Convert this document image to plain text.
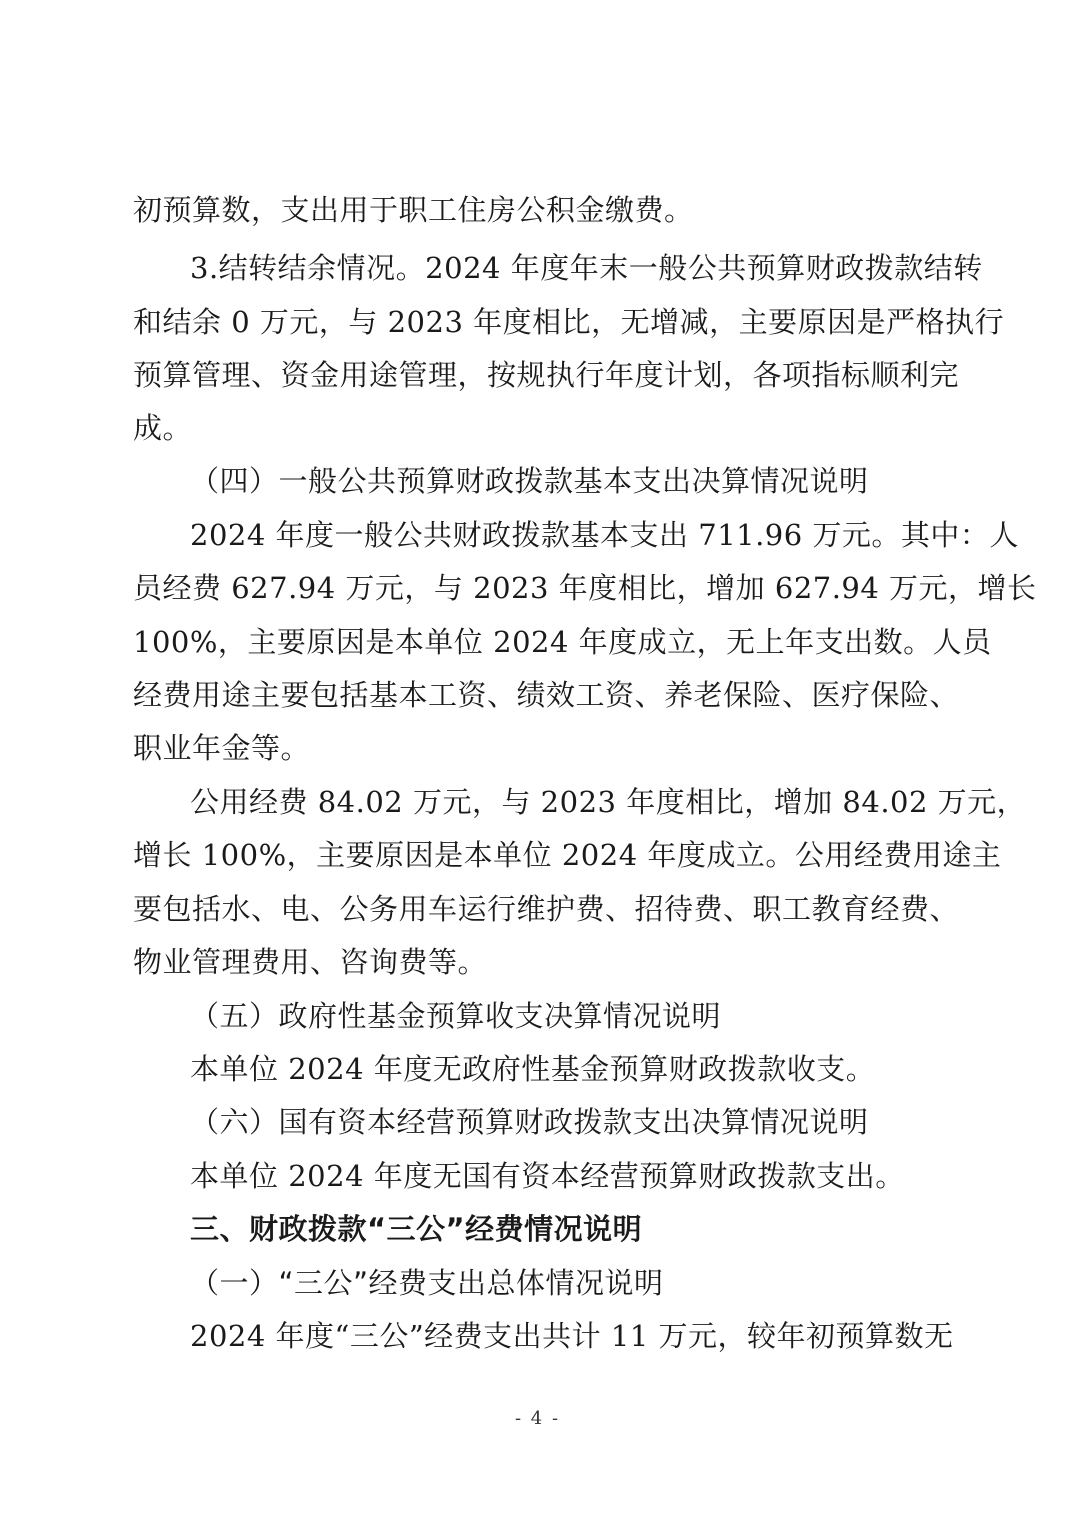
初预算数，支出用于职工住房公积金缴费。
3.结转结余情况。2024 年度年末一般公共预算财政拨款结转
和结余 0 万元，与 2023 年度相比，无增减，主要原因是严格执行
预算管理、资金用途管理，按规执行年度计划，各项指标顺利完
成。
（四）一般公共预算财政拨款基本支出决算情况说明
2024 年度一般公共财政拨款基本支出 711.96 万元。其中：人
员经费 627.94 万元，与 2023 年度相比，增加 627.94 万元，增长
100%，主要原因是本单位 2024 年度成立，无上年支出数。人员
经费用途主要包括基本工资、绩效工资、养老保险、医疗保险、
职业年金等。
公用经费 84.02 万元，与 2023 年度相比，增加 84.02 万元，
增长 100%，主要原因是本单位 2024 年度成立。公用经费用途主
要包括水、电、公务用车运行维护费、招待费、职工教育经费、
物业管理费用、咨询费等。
（五）政府性基金预算收支决算情况说明
本单位 2024 年度无政府性基金预算财政拨款收支。
（六）国有资本经营预算财政拨款支出决算情况说明
本单位 2024 年度无国有资本经营预算财政拨款支出。
三、财政拨款“三公”经费情况说明
（一）“三公”经费支出总体情况说明
2024 年度“三公”经费支出共计 11 万元，较年初预算数无
- 4 -
